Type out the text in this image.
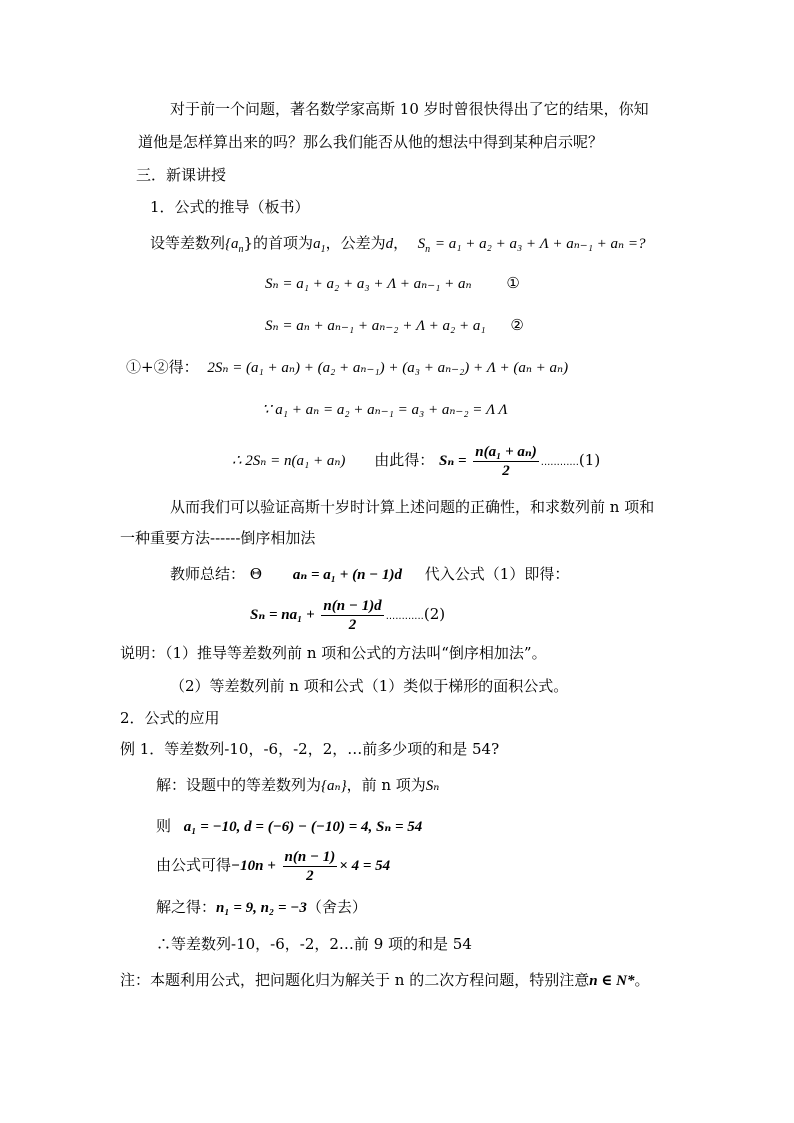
对于前一个问题，著名数学家高斯 10 岁时曾很快得出了它的结果，你知
道他是怎样算出来的吗？那么我们能否从他的想法中得到某种启示呢？
三．新课讲授
1．公式的推导（板书）
设等差数列$\{a_n\}$的首项为$a_1$，公差为d， $S_n = a_1 + a_2 + a_3 + \Lambda + a_{n-1} + a_n$ =?
Sₙ = a₁ + a₂ + a₃ + Λ + aₙ₋₁ + aₙ ①
Sₙ = aₙ + aₙ₋₁ + aₙ₋₂ + Λ + a₂ + a₁ ②
①+②得： 2Sₙ = (a₁ + aₙ) + (a₂ + aₙ₋₁) + (a₃ + aₙ₋₂) + Λ + (aₙ + aₙ)
∵ a₁ + aₙ = a₂ + aₙ₋₁ = a₃ + aₙ₋₂ = Λ Λ
∴ 2Sₙ = n(a₁ + aₙ) 由此得： $S_n = \frac{\text{n(a₁ + aₙ)}}{2} ............(1)$
从而我们可以验证高斯十岁时计算上述问题的正确性，和求数列前 n 项和
一种重要方法------倒序相加法
教师总结： Θ aₙ = a₁ + (n − 1)d 代入公式（1）即得：
$S_n = na_1 + \frac{n(n - 1)d}{2} ............(2)$
说明：（1）推导等差数列前 n 项和公式的方法叫“倒序相加法”。
（2）等差数列前 n 项和公式（1）类似于梯形的面积公式。
2．公式的应用
例 1．等差数列-10，-6，-2，2，…前多少项的和是 54?
解：设题中的等差数列为{aₙ}，前 n 项为Sₙ
则 a₁ = −10, d = (−6) − (−10) = 4, Sₙ = 54
由公式可得$-10n + \frac{n(n - 1)}{2} \times 4 = 54$
解之得：n₁ = 9, n₂ = −3（舍去）
∴等差数列-10，-6，-2，2…前 9 项的和是 54
注：本题利用公式，把问题化归为解关于 n 的二次方程问题，特别注意n ∈ N*。
